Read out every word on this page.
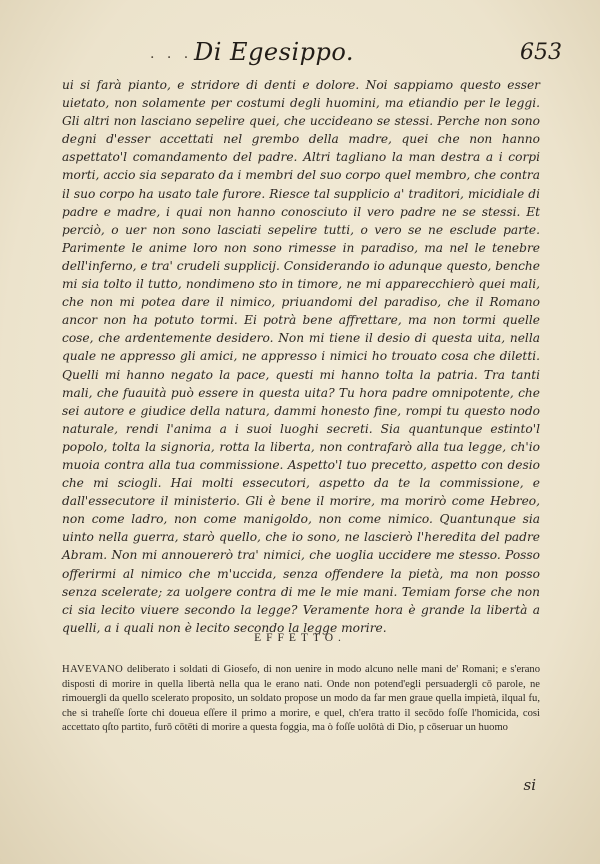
. . . Di Egesippo.	653

ui si farà pianto, e stridore di denti e dolore. Noi sappiamo questo esser uietato, non solamente per costumi degli huomini, ma etiandio per le leggi. Gli altri non lasciano sepelire quei, che uccideano se stessi. Perche non sono degni d'esser accettati nel grembo della madre, quei che non hanno aspettato'l comandamento del padre. Altri tagliano la man destra a i corpi morti, accio sia separato da i membri del suo corpo quel membro, che contra il suo corpo ha usato tale furore. Riesce tal supplicio a' traditori, micidiale di padre e madre, i quai non hanno conosciuto il vero padre ne se stessi. Et perciò, o uer non sono lasciati sepelire tutti, o vero se ne esclude parte. Parimente le anime loro non sono rimesse in paradiso, ma nel le tenebre dell'inferno, e tra' crudeli supplicij. Considerando io adunque questo, benche mi sia tolto il tutto, nondimeno sto in timore, ne mi apparecchierò quei mali, che non mi potea dare il nimico, priuandomi del paradiso, che il Romano ancor non ha potuto tormi. Ei potrà bene affrettare, ma non tormi quelle cose, che ardentemente desidero. Non mi tiene il desio di questa uita, nella quale ne appresso gli amici, ne appresso i nimici ho trouato cosa che diletti. Quelli mi hanno negato la pace, questi mi hanno tolta la patria. Tra tanti mali, che fuauità può essere in questa uita? Tu hora padre omnipotente, che sei autore e giudice della natura, dammi honesto fine, rompi tu questo nodo naturale, rendi l'anima a i suoi luoghi secreti. Sia quantunque estinto'l popolo, tolta la signoria, rotta la liberta, non contrafarò alla tua legge, ch'io muoia contra alla tua commissione. Aspetto'l tuo precetto, aspetto con desio che mi sciogli. Hai molti essecutori, aspetto da te la commissione, e dall'essecutore il ministerio. Gli è bene il morire, ma morirò come Hebreo, non come ladro, non come manigoldo, non come nimico. Quantunque sia uinto nella guerra, starò quello, che io sono, ne lascierò l'heredita del padre Abram. Non mi annouererò tra' nimici, che uoglia uccidere me stesso. Posso offerirmi al nimico che m'uccida, senza offendere la pietà, ma non posso senza scelerate; za uolgere contra di me le mie mani. Temiam forse che non ci sia lecito viuere secondo la legge? Veramente hora è grande la libertà a quelli, a i quali non è lecito secondo la legge morire.

EFFETTO.

HAVEVANO deliberato i soldati di Giosefo, di non uenire in modo alcuno nelle mani de' Romani; e s'erano disposti di morire in quella libertà nella qua le erano nati. Onde non potend'egli persuadergli cō parole, ne rimouergli da quello scelerato proposito, un soldato propose un modo da far men graue quella impietà, ilqual fu, che si traheſſe ſorte chi doueua eſſere il primo a morire, e quel, ch'era tratto il secōdo foſſe l'homicida, cosi accettato qſto partito, furō cōtēti di morire a questa foggia, ma ò foſſe uolōtà di Dio, p cōseruar un huomo

si
